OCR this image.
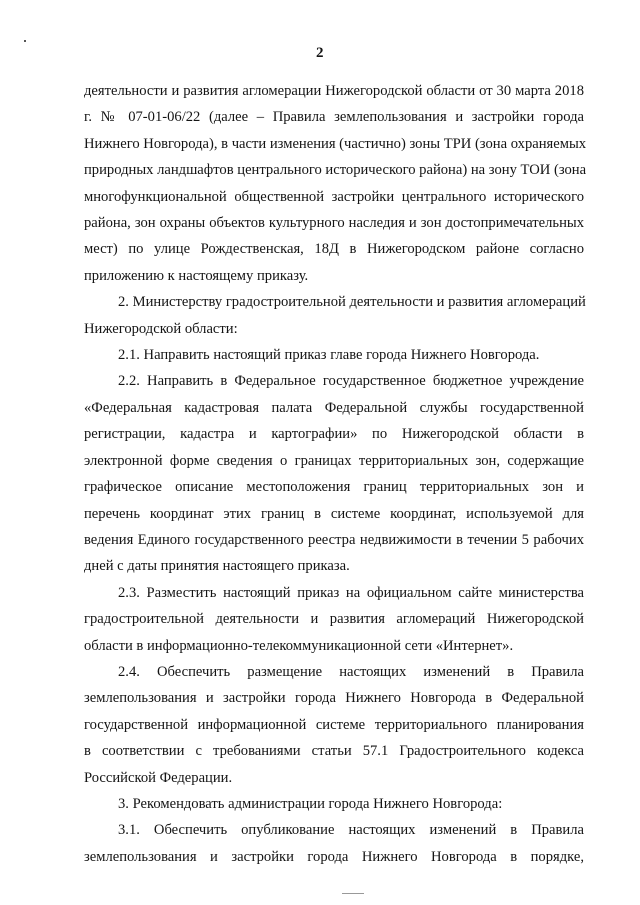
2
деятельности и развития агломерации Нижегородской области от 30 марта 2018
г. № 07-01-06/22 (далее – Правила землепользования и застройки города
Нижнего Новгорода), в части изменения (частично) зоны ТРИ (зона охраняемых
природных ландшафтов центрального исторического района) на зону ТОИ (зона
многофункциональной общественной застройки центрального исторического
района, зон охраны объектов культурного наследия и зон достопримечательных
мест) по улице Рождественская, 18Д в Нижегородском районе согласно
приложению к настоящему приказу.
2. Министерству градостроительной деятельности и развития агломераций
Нижегородской области:
2.1. Направить настоящий приказ главе города Нижнего Новгорода.
2.2. Направить в Федеральное государственное бюджетное учреждение
«Федеральная кадастровая палата Федеральной службы государственной
регистрации, кадастра и картографии» по Нижегородской области в
электронной форме сведения о границах территориальных зон, содержащие
графическое описание местоположения границ территориальных зон и
перечень координат этих границ в системе координат, используемой для
ведения Единого государственного реестра недвижимости в течении 5 рабочих
дней с даты принятия настоящего приказа.
2.3. Разместить настоящий приказ на официальном сайте министерства
градостроительной деятельности и развития агломераций Нижегородской
области в информационно-телекоммуникационной сети «Интернет».
2.4. Обеспечить размещение настоящих изменений в Правила
землепользования и застройки города Нижнего Новгорода в Федеральной
государственной информационной системе территориального планирования
в соответствии с требованиями статьи 57.1 Градостроительного кодекса
Российской Федерации.
3. Рекомендовать администрации города Нижнего Новгорода:
3.1. Обеспечить опубликование настоящих изменений в Правила
землепользования и застройки города Нижнего Новгорода в порядке,
